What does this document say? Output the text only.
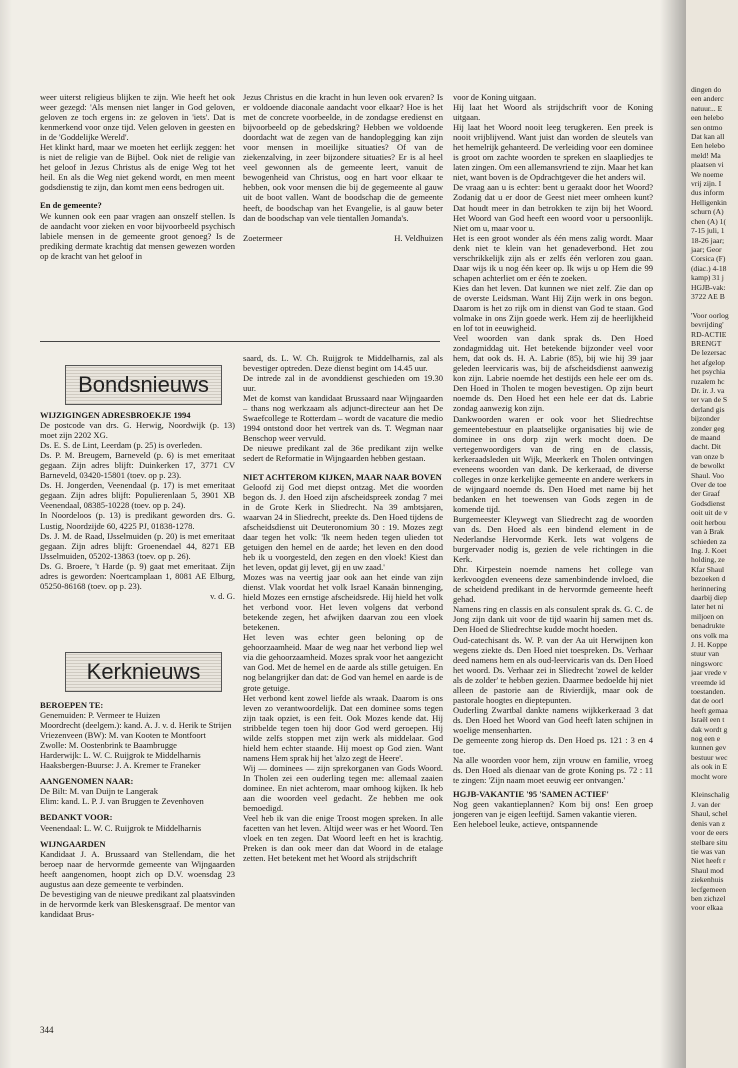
weer uiterst religieus blijken te zijn. Wie heeft het ook weer gezegd: 'Als mensen niet langer in God geloven, geloven ze toch ergens in: ze geloven in 'iets'. Dat is kenmerkend voor onze tijd. Velen geloven in geesten en in de 'Goddelijke Wereld'.

Het klinkt hard, maar we moeten het eerlijk zeggen: het is niet de religie van de Bijbel. Ook niet de religie van het geloof in Jezus Christus als de enige Weg tot het heil. En als die Weg niet gekend wordt, en men meent godsdienstig te zijn, dan komt men eens bedrogen uit.

En de gemeente?

We kunnen ook een paar vragen aan onszelf stellen. Is de aandacht voor zieken en voor bijvoorbeeld psychisch labiele mensen in de gemeente groot genoeg? Is de prediking dermate krachtig dat mensen gewezen worden op de kracht van het geloof in

Jezus Christus en die kracht in hun leven ook ervaren? Is er voldoende diaconale aandacht voor elkaar? Hoe is het met de concrete voorbeelde, in de zondagse eredienst en bijvoorbeeld op de gebedskring? Hebben we voldoende doordacht wat de zegen van de handoplegging kan zijn voor mensen in moeilijke situaties? Of van de ziekenzalving, in zeer bijzondere situaties? Er is al heel veel gewonnen als de gemeente leert, vanuit de bewogenheid van Christus, oog en hart voor elkaar te hebben, ook voor mensen die bij de gegemeente al gauw uit de boot vallen. Want de boodschap die de gemeente heeft, de boodschap van het Evangelie, is al gauw beter dan de boodschap van vele tientallen Jomanda's.

Zoetermeer	H. Veldhuizen

voor de Koning uitgaan.

Hij laat het Woord als strijdschrift voor de Koning uitgaan.

Hij laat het Woord nooit leeg terugkeren. Een preek is nooit vrijblijvend. Want juist dan worden de sleutels van het hemelrijk gehanteerd. De verleiding voor een dominee is groot om zachte woorden te spreken en slaapliedjes te laten zingen. Om een allemansvriend te zijn. Maar het kan niet, want boven is de Opdrachtgever die het anders wil.

De vraag aan u is echter: bent u geraakt door het Woord? Zodanig dat u er door de Geest niet meer omheen kunt? Dat houdt meer in dan betrokken te zijn bij het Woord. Het Woord van God heeft een woord voor u persoonlijk. Niet om u, maar voor u.

Het is een groot wonder als één mens zalig wordt. Maar denk niet te klein van het genadeverbond. Het zou verschrikkelijk zijn als er zelfs één verloren zou gaan. Daar wijs ik u nog één keer op. Ik wijs u op Hem die 99 schapen achterliet om er één te zoeken.

Kies dan het leven. Dat kunnen we niet zelf. Zie dan op de overste Leidsman. Want Hij Zijn werk in ons begon. Daarom is het zo rijk om in dienst van God te staan. God volmake in ons Zijn goede werk. Hem zij de heerlijkheid en lof tot in eeuwigheid.

Veel woorden van dank sprak ds. Den Hoed zondagmiddag uit. Het betekende bijzonder veel voor hem, dat ook ds. H. A. Labrie (85), bij wie hij 39 jaar geleden leervicaris was, bij de afscheidsdienst aanwezig kon zijn. Labrie noemde het destijds een hele eer om ds. Den Hoed in Tholen te mogen bevestigen. Op zijn beurt noemde ds. Den Hoed het een hele eer dat ds. Labrie zondag aanwezig kon zijn.

Dankwoorden waren er ook voor het Sliedrechtse gemeentebestuur en plaatselijke organisaties bij wie de dominee in ons dorp zijn werk mocht doen. De vertegenwoordigers van de ring en de classis, kerkeraadsleden uit Wijk, Meerkerk en Tholen ontvingen eveneens woorden van dank. De kerkeraad, de diverse colleges in onze kerkelijke gemeente en andere werkers in de wijngaard noemde ds. Den Hoed met name bij het bedanken en het toewensen van Gods zegen in de komende tijd.

Burgemeester Kleywegt van Sliedrecht zag de woorden van ds. Den Hoed als een bindend element in de Nederlandse Hervormde Kerk. Iets wat volgens de burgervader nodig is, gezien de vele richtingen in die Kerk.

Dhr. Kirpestein noemde namens het college van kerkvoogden eveneens deze samenbindende invloed, die de scheidend predikant in de hervormde gemeente heeft gehad.

Namens ring en classis en als consulent sprak ds. G. C. de Jong zijn dank uit voor de tijd waarin hij samen met ds. Den Hoed de Sliedrechtse kudde mocht hoeden.

Oud-catechisant ds. W. P. van der Aa uit Herwijnen kon wegens ziekte ds. Den Hoed niet toespreken. Ds. Verhaar deed namens hem en als oud-leervicaris van ds. Den Hoed het woord. Ds. Verhaar zei in Sliedrecht 'zowel de kelder als de zolder' te hebben gezien. Daarmee bedoelde hij niet alleen de pastorie aan de Rivierdijk, maar ook de pastorale hoogtes en dieptepunten.

Ouderling Zwartbal dankte namens wijkkerkeraad 3 dat ds. Den Hoed het Woord van God heeft laten schijnen in woelige mensenharten.

De gemeente zong hierop ds. Den Hoed ps. 121 : 3 en 4 toe.

Na alle woorden voor hem, zijn vrouw en familie, vroeg ds. Den Hoed als dienaar van de grote Koning ps. 72 : 11 te zingen: 'Zijn naam moet eeuwig eer ontvangen.'

HGJB-VAKANTIE '95 'SAMEN ACTIEF'

Nog geen vakantieplannen? Kom bij ons! Een groep jongeren van je eigen leeftijd. Samen vakantie vieren.

Een heleboel leuke, actieve, ontspannende

Bondsnieuws

WIJZIGINGEN ADRESBROEKJE 1994

De postcode van drs. G. Herwig, Noordwijk (p. 13) moet zijn 2202 XG.

Ds. E. S. de Lint, Leerdam (p. 25) is overleden.

Ds. P. M. Breugem, Barneveld (p. 6) is met emeritaat gegaan. Zijn adres blijft: Duinkerken 17, 3771 CV Barneveld, 03420-15801 (toev. op p. 23).

Ds. H. Jongerden, Veenendaal (p. 17) is met emeritaat gegaan. Zijn adres blijft: Populierenlaan 5, 3901 XB Veenendaal, 08385-10228 (toev. op p. 24).

In Noordeloos (p. 13) is predikant geworden drs. G. Lustig, Noordzijde 60, 4225 PJ, 01838-1278.

Ds. J. M. de Raad, IJsselmuiden (p. 20) is met emeritaat gegaan. Zijn adres blijft: Groenendael 44, 8271 EB IJsselmuiden, 05202-13863 (toev. op p. 26).

Ds. G. Broere, 't Harde (p. 9) gaat met emeritaat. Zijn adres is geworden: Noertcamplaan 1, 8081 AE Elburg, 05250-86168 (toev. op p. 23).

v. d. G.

Kerknieuws

BEROEPEN TE:

Genemuiden: P. Vermeer te Huizen

Moordrecht (deelgem.): kand. A. J. v. d. Herik te Strijen

Vriezenveen (BW): M. van Kooten te Montfoort

Zwolle: M. Oostenbrink te Baambrugge

Harderwijk: L. W. C. Ruijgrok te Middelharnis

Haaksbergen-Buurse: J. A. Kremer te Franeker

AANGENOMEN NAAR:

De Bilt: M. van Duijn te Langerak

Elim: kand. L. P. J. van Bruggen te Zevenhoven

BEDANKT VOOR:

Veenendaal: L. W. C. Ruijgrok te Middelharnis

WIJNGAARDEN

Kandidaat J. A. Brussaard van Stellendam, die het beroep naar de hervormde gemeente van Wijngaarden heeft aangenomen, hoopt zich op D.V. woensdag 23 augustus aan deze gemeente te verbinden.

De bevestiging van de nieuwe predikant zal plaatsvinden in de hervormde kerk van Bleskensgraaf. De mentor van kandidaat Brus-

saard, ds. L. W. Ch. Ruijgrok te Middelharnis, zal als bevestiger optreden. Deze dienst begint om 14.45 uur.

De intrede zal in de avonddienst geschieden om 19.30 uur.

Met de komst van kandidaat Brussaard naar Wijngaarden – thans nog werkzaam als adjunct-directeur aan het De Swaefcollege te Rotterdam – wordt de vacature die medio 1994 ontstond door het vertrek van ds. T. Wegman naar Benschop weer vervuld.

De nieuwe predikant zal de 36e predikant zijn welke sedert de Reformatie in Wijngaarden hebben gestaan.

NIET ACHTEROM KIJKEN, MAAR NAAR BOVEN

Geloofd zij God met diepst ontzag. Met die woorden begon ds. J. den Hoed zijn afscheidspreek zondag 7 mei in de Grote Kerk in Sliedrecht. Na 39 ambtsjaren, waarvan 24 in Sliedrecht, preekte ds. Den Hoed tijdens de afscheidsdienst uit Deuteronomium 30 : 19. Mozes zegt daar tegen het volk: 'Ik neem heden tegen ulieden tot getuigen den hemel en de aarde; het leven en den dood heb ik u voorgesteld, den zegen en den vloek! Kiest dan het leven, opdat gij levet, gij en uw zaad.'

Mozes was na veertig jaar ook aan het einde van zijn dienst. Vlak voordat het volk Israel Kanaän binnenging, hield Mozes een ernstige afscheidsrede. Hij hield het volk het verbond voor. Het leven volgens dat verbond betekende zegen, het afwijken daarvan zou een vloek betekenen.

Het leven was echter geen beloning op de gehoorzaamheid. Maar de weg naar het verbond liep wel via die gehoorzaamheid. Mozes sprak voor het aangezicht van God. Met de hemel en de aarde als stille getuigen. En nog belangrijker dan dat: de God van hemel en aarde is de grote getuige.

Het verbond kent zowel liefde als wraak. Daarom is ons leven zo verantwoordelijk. Dat een dominee soms tegen zijn taak opziet, is een feit. Ook Mozes kende dat. Hij stribbelde tegen toen hij door God werd geroepen. Hij wilde zelfs stoppen met zijn werk als middelaar. God hield hem echter staande. Hij moest op God zien. Want namens Hem sprak hij het 'alzo zegt de Heere'.

Wij — dominees — zijn sprekorganen van Gods Woord. In Tholen zei een ouderling tegen me: allemaal zaaien dominee. En niet achterom, maar omhoog kijken. Ik heb aan die woorden veel gedacht. Ze hebben me ook bemoedigd.

Veel heb ik van die enige Troost mogen spreken. In alle facetten van het leven. Altijd weer was er het Woord. Ten vloek en ten zegen. Dat Woord leeft en het is krachtig. Preken is dan ook meer dan dat Woord in de etalage zetten. Het betekent met het Woord als strijdschrift

344
dingen do
een anderc
natuur... E
een helebo
sen ontmo
Dat kan all
Een helebo
meld! Ma
plaatsen vi
We noeme
vrij zijn. I
dus inform
Helligenkin
schurn (A)
chen (A) 1(
7-15 juli, 1
18-26 jaar;
jaar; Geor
Corsica (F)
(diac.) 4-18
kamp) 31 j
HGJB-vak:
3722 AE B

'Voor oorlog
bevrijding'
RD-ACTIE
BRENGT
De lezersac
het afgelop
het psychia
ruzalem hc
Dr. ir. J. va
ter van de S
derland gis
bijzonder
zonder geg
de maand
dacht. Dit
van onze b
de bewolkt
Shaul. Voo
Over de toe
der Graaf
Godsdienst
ooit uit de v
ooit herbou
van à Brak
schieden za
Ing. J. Koet
holding, ze
Kfar Shaul
bezoeken d
herinnering
daarbij diep
later het ni
miljoen on
benadrukte
ons volk ma
J. H. Koppe
stuur van
ningsworc
jaar vrede v
vreemde id
toestanden.
dat de oorl
heeft gemaa
Israël een t
dak wordt g
nog een e
kunnen gev
bestuur wec
als ook in E
mocht wore

Kleinschalig
J. van der
Shaul, schel
denis van z
voor de eers
stelbare situ
tie was van
Niet heeft r
Shaul mod
ziekenhuis
lecfgemeen
ben zichzel
voor elkaa
